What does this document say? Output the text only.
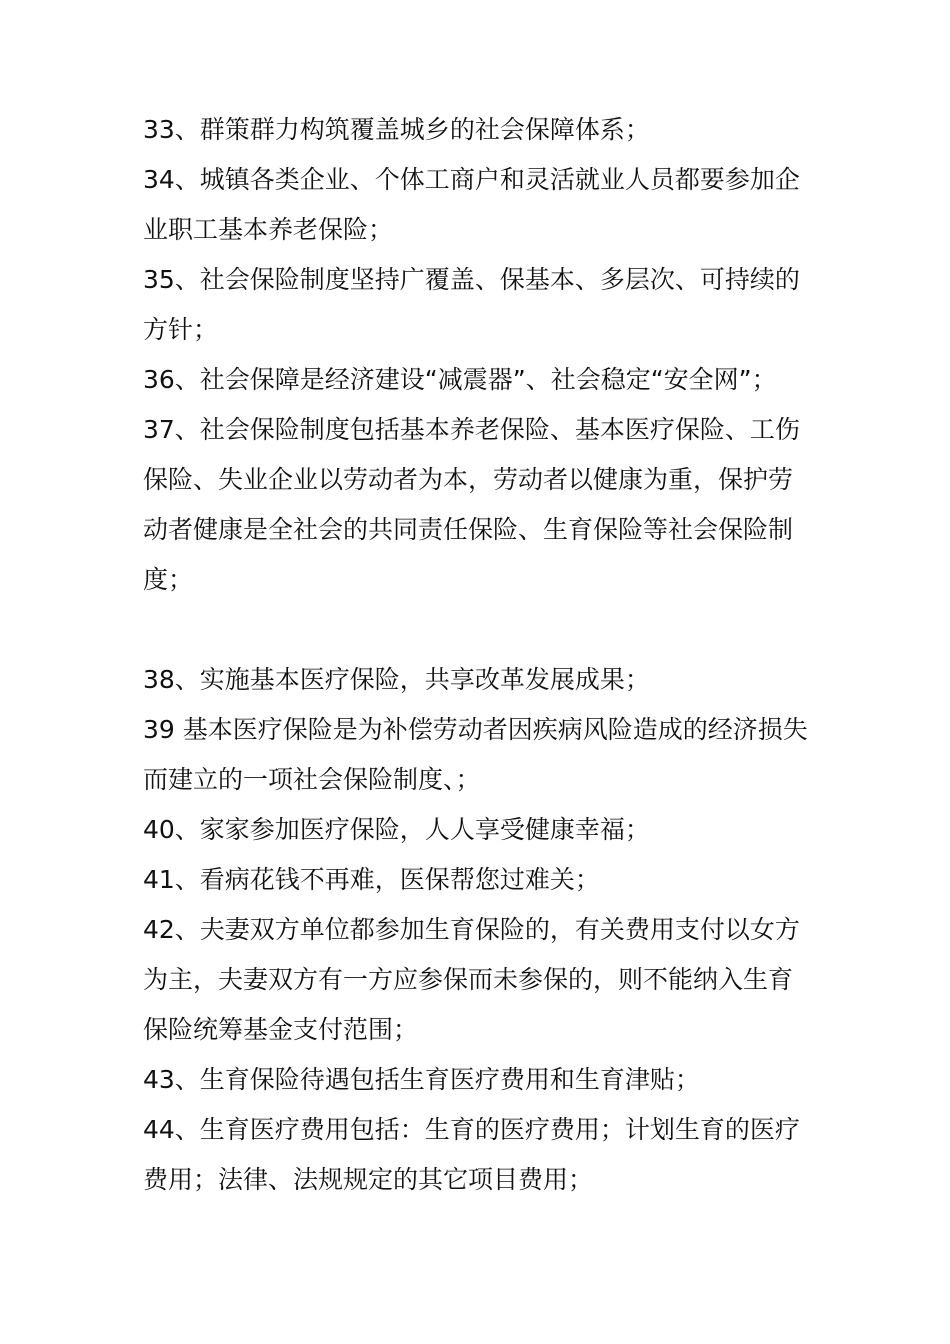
33、群策群力构筑覆盖城乡的社会保障体系；

34、城镇各类企业、个体工商户和灵活就业人员都要参加企业职工基本养老保险；

35、社会保险制度坚持广覆盖、保基本、多层次、可持续的方针；

36、社会保障是经济建设“减震器”、社会稳定“安全网”；

37、社会保险制度包括基本养老保险、基本医疗保险、工伤保险、失业企业以劳动者为本，劳动者以健康为重，保护劳动者健康是全社会的共同责任保险、生育保险等社会保险制度；

38、实施基本医疗保险，共享改革发展成果；

39 基本医疗保险是为补偿劳动者因疾病风险造成的经济损失而建立的一项社会保险制度、；

40、家家参加医疗保险，人人享受健康幸福；

41、看病花钱不再难，医保帮您过难关；

42、夫妻双方单位都参加生育保险的，有关费用支付以女方为主，夫妻双方有一方应参保而未参保的，则不能纳入生育保险统筹基金支付范围；

43、生育保险待遇包括生育医疗费用和生育津贴；

44、生育医疗费用包括：生育的医疗费用；计划生育的医疗费用；法律、法规规定的其它项目费用；
